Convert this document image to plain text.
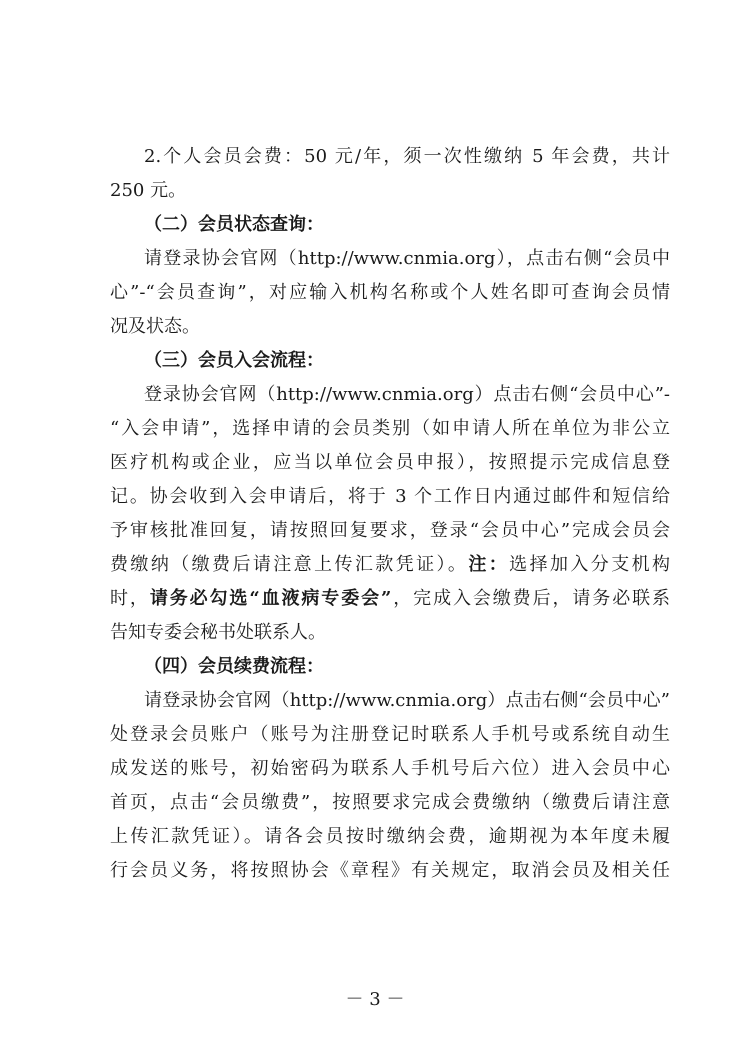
2.个人会员会费：50 元/年，须一次性缴纳 5 年会费，共计
250 元。
（二）会员状态查询：
请登录协会官网（http://www.cnmia.org），点击右侧“会员中
心”-“会员查询”，对应输入机构名称或个人姓名即可查询会员情
况及状态。
（三）会员入会流程：
登录协会官网（http://www.cnmia.org）点击右侧“会员中心”-
“入会申请”，选择申请的会员类别（如申请人所在单位为非公立
医疗机构或企业，应当以单位会员申报），按照提示完成信息登
记。协会收到入会申请后，将于 3 个工作日内通过邮件和短信给
予审核批准回复，请按照回复要求，登录“会员中心”完成会员会
费缴纳（缴费后请注意上传汇款凭证）。注：选择加入分支机构
时，请务必勾选“血液病专委会”，完成入会缴费后，请务必联系
告知专委会秘书处联系人。
（四）会员续费流程：
请登录协会官网（http://www.cnmia.org）点击右侧“会员中心”
处登录会员账户（账号为注册登记时联系人手机号或系统自动生
成发送的账号，初始密码为联系人手机号后六位）进入会员中心
首页，点击“会员缴费”，按照要求完成会费缴纳（缴费后请注意
上传汇款凭证）。请各会员按时缴纳会费，逾期视为本年度未履
行会员义务，将按照协会《章程》有关规定，取消会员及相关任
－ 3 －
